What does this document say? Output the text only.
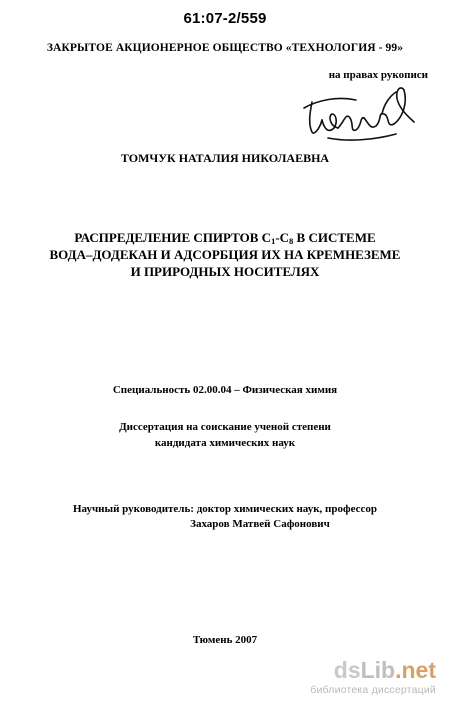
61:07-2/559
ЗАКРЫТОЕ АКЦИОНЕРНОЕ ОБЩЕСТВО «ТЕХНОЛОГИЯ - 99»
на правах рукописи
ТОМЧУК НАТАЛИЯ НИКОЛАЕВНА
РАСПРЕДЕЛЕНИЕ СПИРТОВ $С_1-С_8$ В СИСТЕМЕ
ВОДА–ДОДЕКАН И АДСОРБЦИЯ ИХ НА КРЕМНЕЗЕМЕ
И ПРИРОДНЫХ НОСИТЕЛЯХ
Специальность 02.00.04 – Физическая химия
Диссертация на соискание ученой степени
кандидата химических наук
Научный руководитель: доктор химических наук, профессор
Захаров Матвей Сафонович
Тюмень 2007
dsLib.net
библиотека диссертаций
